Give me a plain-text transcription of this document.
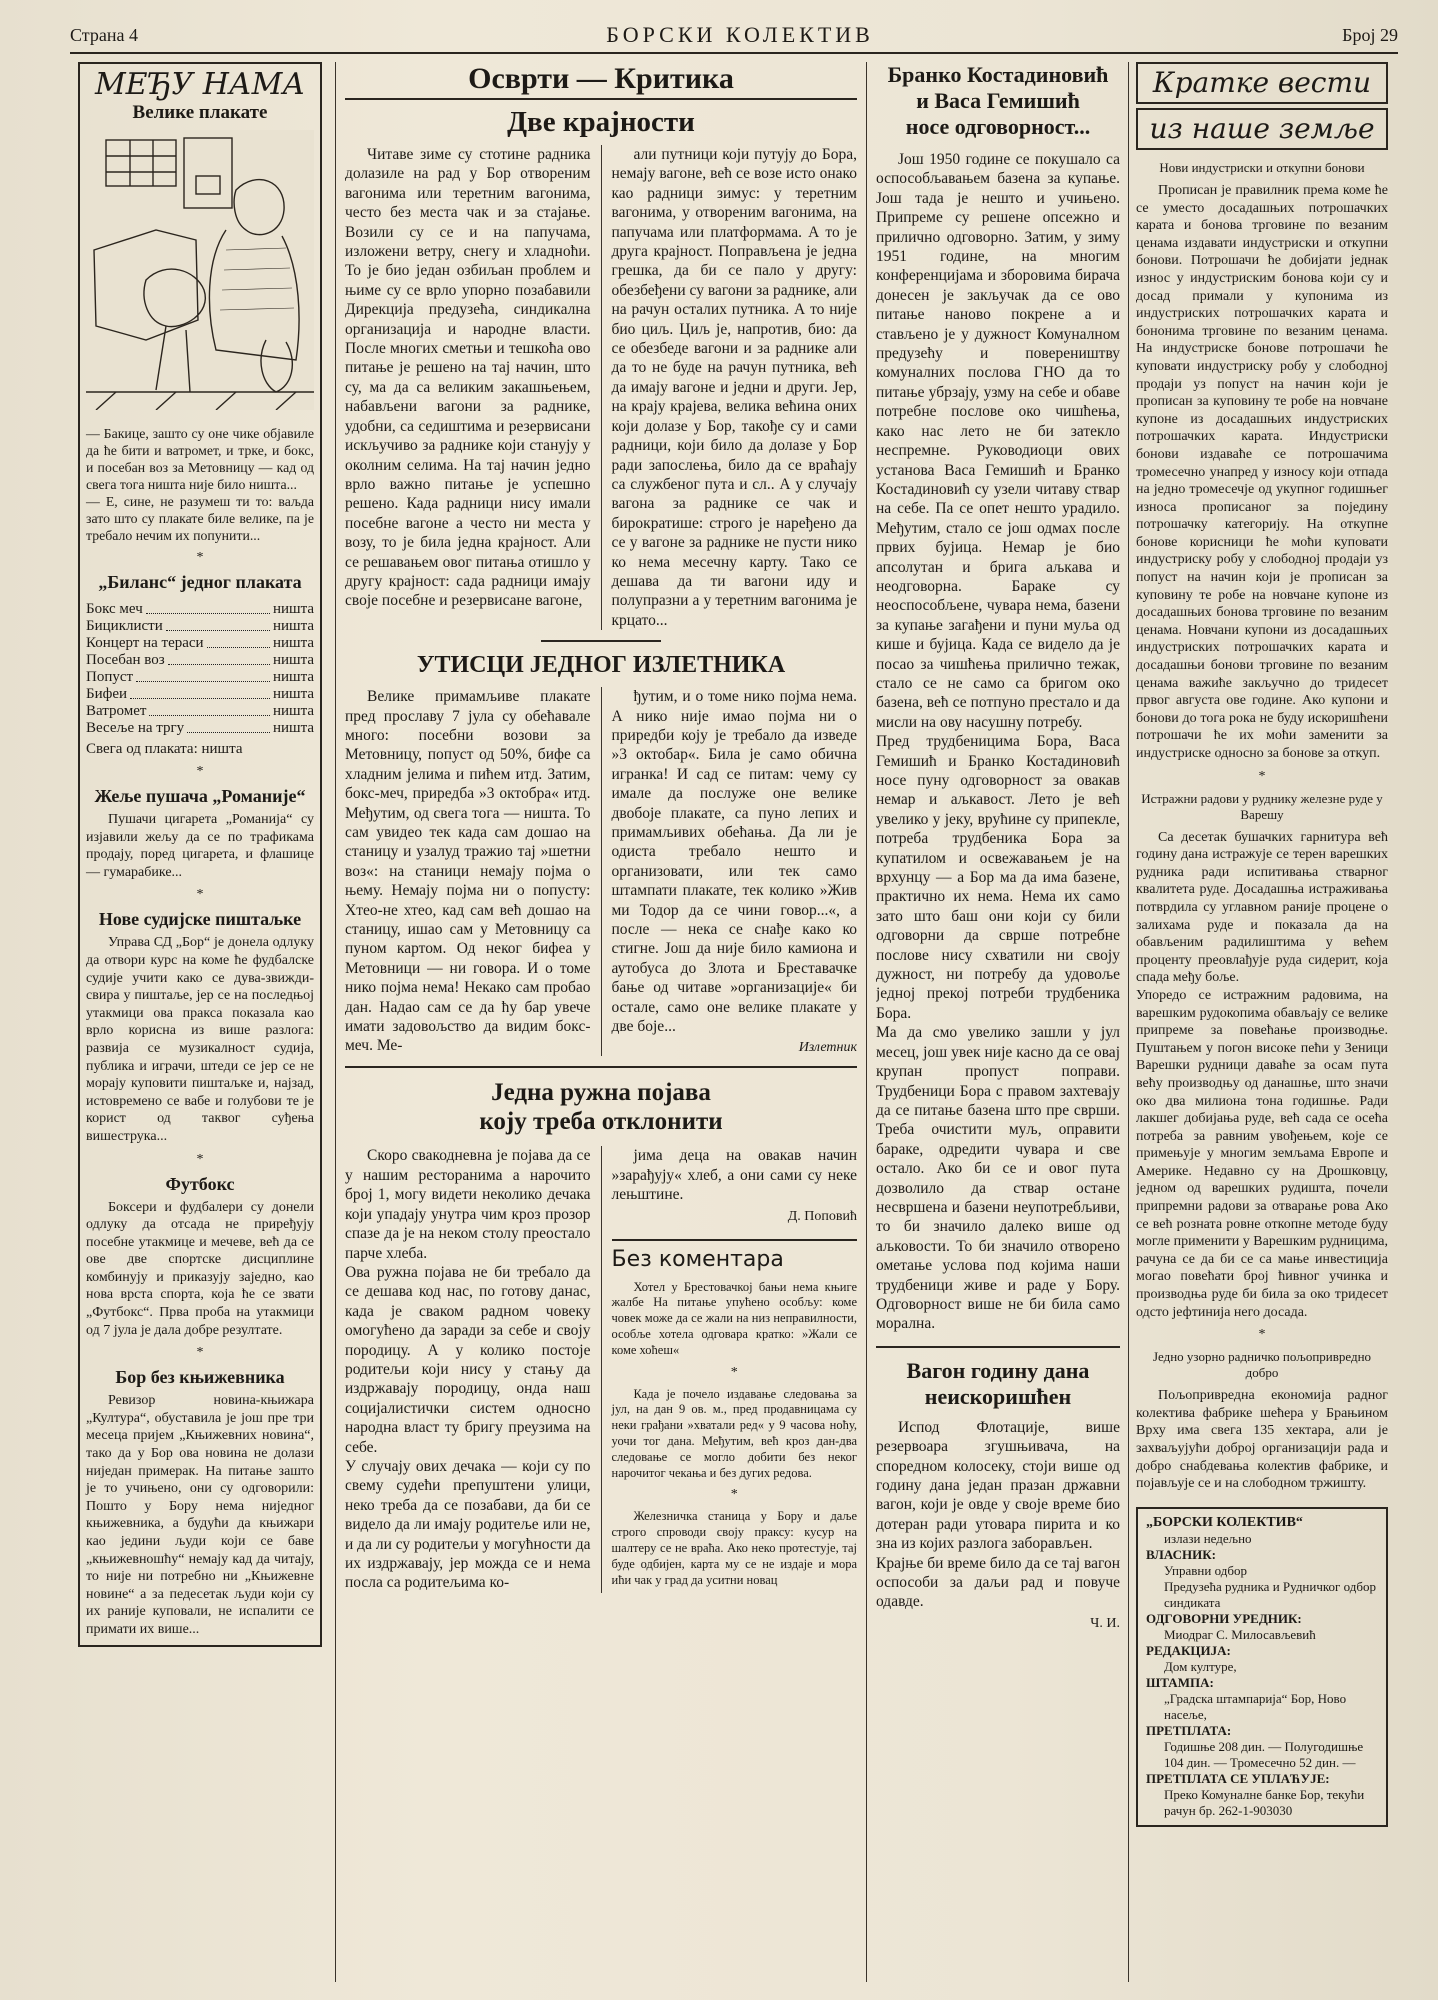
Страна 4	БОРСКИ КОЛЕКТИВ	Број 29
МЕЂУ НАМА
Велике плакате
— Бакице, зашто су оне чике објавиле да ће бити и ватромет, и трке, и бокс, и посебан воз за Метовницу — кад од свега тога ништа није било ништа...
— Е, сине, не разумеш ти то: ваљда зато што су плакате биле велике, па је требало нечим их попунити...
*
„Биланс“ једног плаката
Бокс меч	ништа
Бициклисти	ништа
Концерт на тераси	ништа
Посебан воз	ништа
Попуст	ништа
Бифеи	ништа
Ватромет	ништа
Весеље на тргу	ништа
Свега од плаката: ништа
*
Жеље пушача „Романије“

Пушачи цигарета „Романија“ су изјавили жељу да се по трафикама продају, поред цигарета, и флашице — гумарабике...

*
Нове судијске пиштаљке

Управа СД „Бор“ је донела одлуку да отвори курс на коме ће фудбалске судије учити како се дува-звижди-свира у пиштаље, јер се на последњој утакмици ова пракса показала као врло корисна из више разлога: развија се музикалност судија, публика и играчи, штеди се јер се не морају куповити пиштаљке и, најзад, истовремено се вабе и голубови те је корист од таквог суђења вишеструка...

*
Футбокс

Боксери и фудбалери су донели одлуку да отсада не приређују посебне утакмице и мечеве, већ да се ове две спортске дисциплине комбинују и приказују заједно, као нова врста спорта, која ће се звати „Футбокс“. Прва проба на утакмици од 7 јула је дала добре резултате.

*
Бор без књижевника

Ревизор новина-књижара „Култура“, обуставила је још пре три месеца пријем „Књижевних новина“, тако да у Бор ова новина не долази ниједан примерак. На питање зашто је то учињено, они су одговорили: Пошто у Бору нема ниједног књижевника, а будући да књижари као једини људи који се баве „књижевношћу“ немају кад да читају, то није ни потребно ни „Књижевне новине“ а за педесетак људи који су их раније куповали, не испалити се примати их више...

Осврти — Критика
Две крајности

Читаве зиме су стотине радника долазиле на рад у Бор отвореним вагонима или теретним вагонима, често без места чак и за стајање. Возили су се и на папучама, изложени ветру, снегу и хладноћи. То је био један озбиљан проблем и њиме су се врло упорно позабавили Дирекција предузећа, синдикална организација и народне власти. После многих сметњи и тешкоћа ово питање је решено на тај начин, што су, ма да са великим закашњењем, набављени вагони за раднике, удобни, са седиштима и резервисани искључиво за раднике који станују у околним селима. На тај начин једно врло важно питање је успешно решено. Када радници нису имали посебне вагоне а често ни места у возу, то је била једна крајност. Али се решавањем овог питања отишло у другу крајност: сада радници имају своје посебне и резервисане вагоне,

али путници који путују до Бора, немају вагоне, већ се возе исто онако као радници зимус: у теретним вагонима, у отвореним вагонима, на папучама или платформама. А то је друга крајност. Поправљена је једна грешка, да би се пало у другу: обезбеђени су вагони за раднике, али на рачун осталих путника. А то није био циљ. Циљ је, напротив, био: да се обезбеде вагони и за раднике али да то не буде на рачун путника, већ да имају вагоне и једни и други. Јер, на крају крајева, велика већина оних који долазе у Бор, такође су и сами радници, који било да долазе у Бор ради запослења, било да се враћају са службеног пута и сл.. А у случају вагона за раднике се чак и бирократише: строго је наређено да се у вагоне за раднике не пусти нико ко нема месечну карту. Тако се дешава да ти вагони иду и полупразни а у теретним вагонима је крцато...

УТИСЦИ ЈЕДНОГ ИЗЛЕТНИКА

Велике примамљиве плакате пред прославу 7 јула су обећавале много: посебни возови за Метовницу, попуст од 50%, бифе са хладним јелима и пићем итд. Затим, бокс-меч, приредба »3 октобра« итд. Међутим, од свега тога — ништа. То сам увидео тек када сам дошао на станицу и узалуд тражио тај »шетни воз«: на станици немају појма о њему. Немају појма ни о попусту: Хтео-не хтео, кад сам већ дошао на станицу, ишао сам у Метовницу са пуном картом. Од неког бифеа у Метовници — ни говора. И о томе нико појма нема! Некако сам пробао дан. Надао сам се да ћу бар увече имати задовољство да видим бокс-меч. Ме-

ђутим, и о томе нико појма нема. А нико није имао појма ни о приредби коју је требало да изведе »3 октобар«. Била је само обична игранка! И сад се питам: чему су имале да послуже оне велике двобоје плакате, са пуно лепих и примамљивих обећања. Да ли је одиста требало нешто и организовати, или тек само штампати плакате, тек колико »Жив ми Тодор да се чини говор...«, а после — нека се снађе како ко стигне. Још да није било камиона и аутобуса до Злота и Бреставачке бање од читаве »организације« би остале, само оне велике плакате у две боје...

Излетник
Једна ружна појава
коју треба отклонити

Скоро свакодневна је појава да се у нашим ресторанима а нарочито број 1, могу видети неколико дечака који упадају унутра чим кроз прозор спазе да је на неком столу преостало парче хлеба.
Ова ружна појава не би требало да се дешава код нас, по готову данас, када је сваком радном човеку омогућено да заради за себе и своју породицу. А у колико постоје родитељи који нису у стању да издржавају породицу, онда наш социјалистички систем односно народна власт ту бригу преузима на себе.
У случају ових дечака — који су по свему судећи препуштени улици, неко треба да се позабави, да би се видело да ли имају родитеље или не, и да ли су родитељи у могућности да их издржавају, јер можда се и нема посла са родитељима ко-

јима деца на овакав начин »зарађују« хлеб, а они сами су неке лењштине.

Д. Поповић
Без коментара

Хотел у Брестовачкој бањи нема књиге жалбе На питање упућено особљу: коме човек може да се жали на низ неправилности, особље хотела одговара кратко: »Жали се коме хоћеш«

*

Када је почело издавање следовања за јул, на дан 9 ов. м., пред продавницама су неки грађани »хватали ред« у 9 часова ноћу, уочи тог дана. Међутим, већ кроз дан-два следовање се могло добити без неког нарочитог чекања и без дугих редова.

*

Железничка станица у Бору и даље строго спроводи своју праксу: кусур на шалтеру се не враћа. Ако неко протестује, тај буде одбијен, карта му се не издаје и мора ићи чак у град да уситни новац

Бранко Костадиновић
и Васа Гемишић
носе одговорност...

Још 1950 године се покушало са оспособљавањем базена за купање. Још тада је нешто и учињено. Припреме су решене опсежно и прилично одговорно. Затим, у зиму 1951 године, на многим конференцијама и зборовима бирача донесен је закључак да се ово питање наново покрене а и стављено је у дужност Комуналном предузећу и повереништву комуналних послова ГНО да то питање убрзају, узму на себе и обаве потребне послове око чишћења, како нас лето не би затекло неспремне. Руководиоци ових установа Васа Гемишић и Бранко Костадиновић су узели читаву ствар на себе. Па се опет нешто урадило. Међутим, стало се још одмах после првих бујица. Немар је био апсолутан и брига аљкава и неодговорна. Бараке су неоспособљене, чувара нема, базени за купање загађени и пуни муља од кише и бујица. Када се видело да је посао за чишћења прилично тежак, стало се не само са бригом око базена, већ се потпуно престало и да мисли на ову насушну потребу.
Пред трудбеницима Бора, Васа Гемишић и Бранко Костадиновић носе пуну одговорност за овакав немар и аљкавост. Лето је већ увелико у јеку, врућине су припекле, потреба трудбеника Бора за купатилом и освежавањем је на врхунцу — а Бор ма да има базене, практично их нема. Нема их само зато што баш они који су били одговорни да сврше потребне послове нису схватили ни своју дужност, ни потребу да удовоље једној прекој потреби трудбеника Бора.
Ма да смо увелико зашли у јул месец, још увек није касно да се овај крупан пропуст поправи. Трудбеници Бора с правом захтевају да се питање базена што пре сврши. Треба очистити муљ, оправити бараке, одредити чувара и све остало. Ако би се и овог пута дозволило да ствар остане несвршена и базени неупотребљиви, то би значило далеко више од аљковости. То би значило отворено ометање услова под којима наши трудбеници живе и раде у Бору. Одговорност више не би била само морална.

Вагон годину дана
неискоришћен

Испод Флотације, више резервоара згушњивача, на споредном колосеку, стоји више од годину дана један празан државни вагон, који је овде у своје време био дотеран ради утовара пирита и ко зна из којих разлога заборављен.
Крајње би време било да се тај вагон оспособи за даљи рад и повуче одавде.

Ч. И.
Кратке вести
из наше земље
Нови индустриски и откупни бонови

Прописан је правилник према коме ће се уместо досадашњих потрошачких карата и бонова трговине по везаним ценама издавати индустриски и откупни бонови. Потрошачи ће добијати једнак износ у индустриским бонова који су и досад примали у купонима из индустриских потрошачких карата и бононима трговине по везаним ценама. На индустриске бонове потрошачи ће куповати индустриску робу у слободној продаји уз попуст на начин који је прописан за куповину те робе на новчане купоне из досадашњих индустриских потрошачких карата. Индустриски бонови издаваће се потрошачима тромесечно унапред у износу који отпада на једно тромесечје од укупног годишњег износа прописаног за поједину потрошачку категорију. На откупне бонове корисници ће моћи куповати индустриску робу у слободној продаји уз попуст на начин који је прописан за куповину те робе на новчане купоне из досадашњих бонова трговине по везаним ценама. Новчани купони из досадашњих индустриских потрошачких карата и досадашњи бонови трговине по везаним ценама важиће закључно до тридесет првог августа ове године. Ако купони и бонови до тога рока не буду искоришћени потрошачи ће их моћи заменити за индустриске односно за бонове за откуп.

*
Истражни радови у руднику железне руде у Варешу

Са десетак бушачких гарнитура већ годину дана истражује се терен варешких рудника ради испитивања стварног квалитета руде. Досадашња истраживања потврдила су углавном раније процене о залихама руде и показала да на обављеним радилиштима у већем проценту преовлађује руда сидерит, која спада међу боље.
Упоредо се истражним радовима, на варешким рудокопима обављају се велике припреме за повећање производње. Пуштањем у погон високе пећи у Зеници Варешки рудници даваће за осам пута већу производњу од данашње, што значи око два милиона тона годишње. Ради лакшег добијања руде, већ сада се осећа потреба за равним увођењем, које се примењује у многим земљама Европе и Америке. Недавно су на Дрошковцу, једном од варешких рудишта, почели припремни радови за отварање рова Ако се већ розната ровне откопне методе буду могле применити у Варешким рудницима, рачуна се да би се са мање инвестиција могао повећати број ћивног учинка и производња руде би била за око тридесет одсто јефтинија него досада.

*
Једно узорно радничко пољопривредно добро

Пољопривредна економија радног колектива фабрике шећера у Брањином Врху има свега 135 хектара, али је захваљујући доброј организацији рада и добро снабдевања колектив фабрике, и појављује се и на слободном тржишту.

„БОРСКИ КОЛЕКТИВ“
излази недељно
ВЛАСНИК:
Управни одбор
Предузећа рудника и Рудничког одбор синдиката
ОДГОВОРНИ УРЕДНИК:
Миодраг С. Милосављевић
РЕДАКЦИЈА:
Дом културе,
ШТАМПА:
„Градска штампарија“ Бор, Ново насеље,
ПРЕТПЛАТА:
Годишње 208 дин. — Полугодишње 104 дин. — Тромесечно 52 дин. —
ПРЕТПЛАТА СЕ УПЛАЋУЈЕ:
Преко Комуналне банке Бор, текући рачун бр. 262-1-903030
